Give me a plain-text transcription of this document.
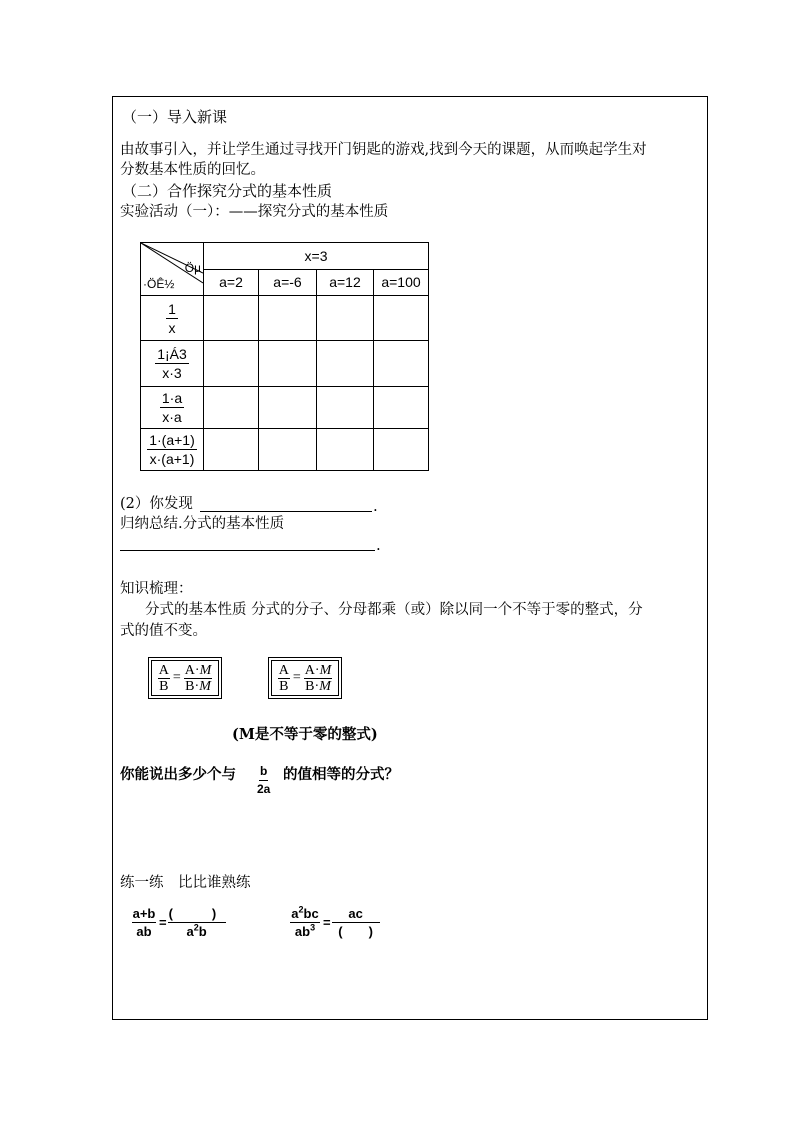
（一）导入新课
由故事引入，并让学生通过寻找开门钥匙的游戏,找到今天的课题，从而唤起学生对
分数基本性质的回忆。
（二）合作探究分式的基本性质
实验活动（一）：——探究分式的基本性质
Öµ
·ÖÊ½	x=3			
	a=2	a=-6	a=12	a=100

$\frac{1}{x}$

$\frac{1¡Á3}{x\cdot 3}$

$\frac{1\cdot a}{x\cdot a}$

$\frac{1\cdot(a+1)}{x\cdot(a+1)}$

(2）你发现	.
归纳总结.分式的基本性质
.
知识梳理：
分式的基本性质 分式的分子、分母都乘（或）除以同一个不等于零的整式，分
式的值不变。
$\frac{A}{B} = \frac{A\cdot M}{B\cdot M}$	$\frac{A}{B} = \frac{A\cdot M}{B\cdot M}$
(M是不等于零的整式)
你能说出多少个与 $\frac{b}{2a}$ 的值相等的分式？
练一练　比比谁熟练
$\frac{a+b}{ab} = \frac{( )}{a^2b}$	$\frac{a^2bc}{ab^3} = \frac{ac}{( )}$
